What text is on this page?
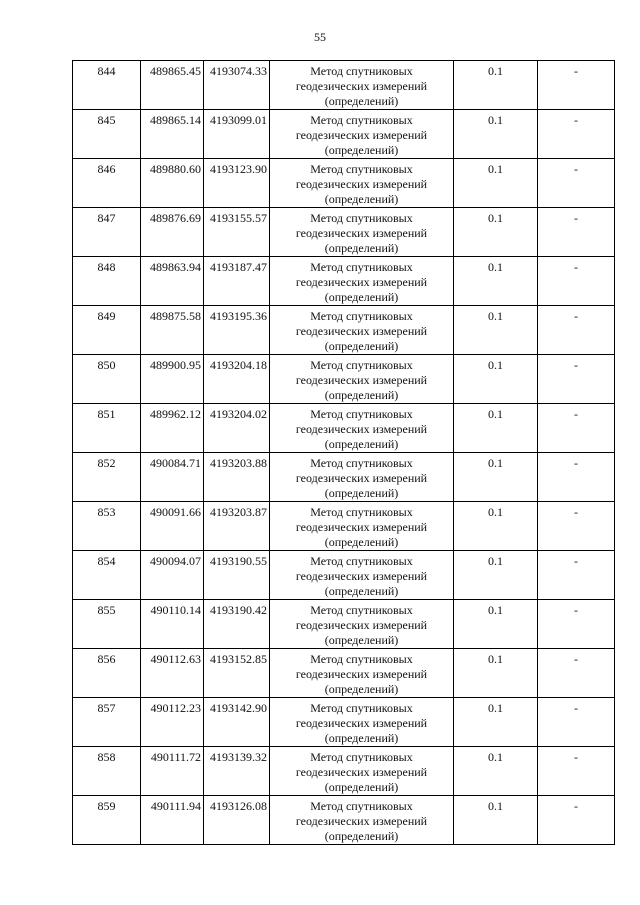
55
844	489865.45	4193074.33	Метод спутниковых геодезических измерений (определений)	0.1	-
845	489865.14	4193099.01	Метод спутниковых геодезических измерений (определений)	0.1	-
846	489880.60	4193123.90	Метод спутниковых геодезических измерений (определений)	0.1	-
847	489876.69	4193155.57	Метод спутниковых геодезических измерений (определений)	0.1	-
848	489863.94	4193187.47	Метод спутниковых геодезических измерений (определений)	0.1	-
849	489875.58	4193195.36	Метод спутниковых геодезических измерений (определений)	0.1	-
850	489900.95	4193204.18	Метод спутниковых геодезических измерений (определений)	0.1	-
851	489962.12	4193204.02	Метод спутниковых геодезических измерений (определений)	0.1	-
852	490084.71	4193203.88	Метод спутниковых геодезических измерений (определений)	0.1	-
853	490091.66	4193203.87	Метод спутниковых геодезических измерений (определений)	0.1	-
854	490094.07	4193190.55	Метод спутниковых геодезических измерений (определений)	0.1	-
855	490110.14	4193190.42	Метод спутниковых геодезических измерений (определений)	0.1	-
856	490112.63	4193152.85	Метод спутниковых геодезических измерений (определений)	0.1	-
857	490112.23	4193142.90	Метод спутниковых геодезических измерений (определений)	0.1	-
858	490111.72	4193139.32	Метод спутниковых геодезических измерений (определений)	0.1	-
859	490111.94	4193126.08	Метод спутниковых геодезических измерений (определений)	0.1	-
